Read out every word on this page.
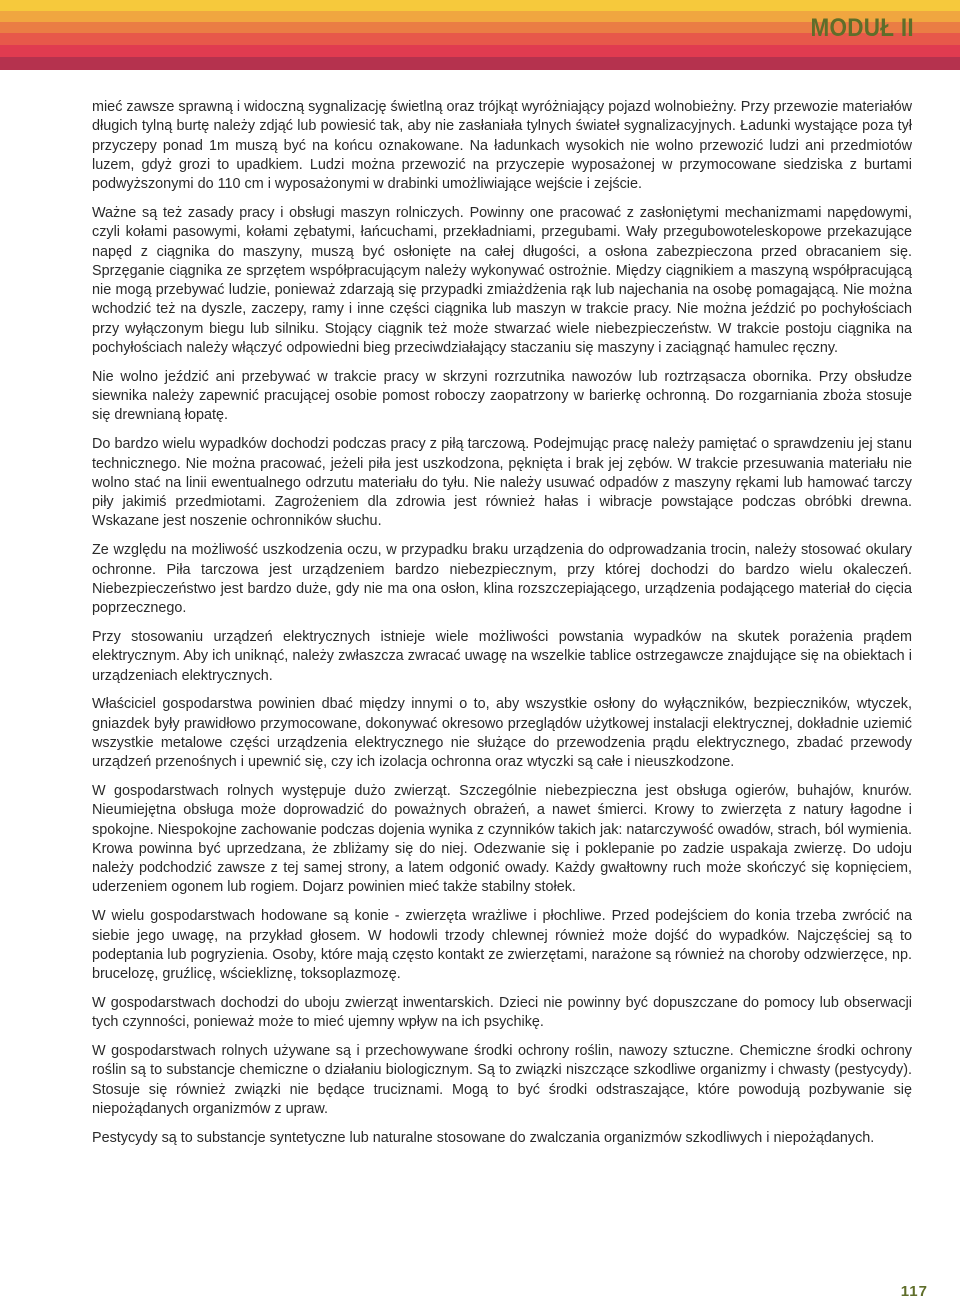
MODUŁ II

mieć zawsze sprawną i widoczną sygnalizację świetlną oraz trójkąt wyróżniający pojazd wolnobieżny. Przy przewozie materiałów długich tylną burtę należy zdjąć lub powiesić tak, aby nie zasłaniała tylnych świateł sygnalizacyjnych. Ładunki wystające poza tył przyczepy ponad 1m muszą być na końcu oznakowane. Na ładunkach wysokich nie wolno przewozić ludzi ani przedmiotów luzem, gdyż grozi to upadkiem. Ludzi można przewozić na przyczepie wyposażonej w przymocowane siedziska z burtami podwyższonymi do 110 cm i wyposażonymi w drabinki umożliwiające wejście i zejście.

Ważne są też zasady pracy i obsługi maszyn rolniczych. Powinny one pracować z zasłoniętymi mechanizmami napędowymi, czyli kołami pasowymi, kołami zębatymi, łańcuchami, przekładniami, przegubami. Wały przegubowoteleskopowe przekazujące napęd z ciągnika do maszyny, muszą być osłonięte na całej długości, a osłona zabezpieczona przed obracaniem się. Sprzęganie ciągnika ze sprzętem współpracującym należy wykonywać ostrożnie. Między ciągnikiem a maszyną współpracującą nie mogą przebywać ludzie, ponieważ zdarzają się przypadki zmiażdżenia rąk lub najechania na osobę pomagającą. Nie można wchodzić też na dyszle, zaczepy, ramy i inne części ciągnika lub maszyn w trakcie pracy. Nie można jeździć po pochyłościach przy wyłączonym biegu lub silniku. Stojący ciągnik też może stwarzać wiele niebezpieczeństw. W trakcie postoju ciągnika na pochyłościach należy włączyć odpowiedni bieg przeciwdziałający staczaniu się maszyny i zaciągnąć hamulec ręczny.

Nie wolno jeździć ani przebywać w trakcie pracy w skrzyni rozrzutnika nawozów lub roztrząsacza obornika. Przy obsłudze siewnika należy zapewnić pracującej osobie pomost roboczy zaopatrzony w barierkę ochronną. Do rozgarniania zboża stosuje się drewnianą łopatę.

Do bardzo wielu wypadków dochodzi podczas pracy z piłą tarczową. Podejmując pracę należy pamiętać o sprawdzeniu jej stanu technicznego. Nie można pracować, jeżeli piła jest uszkodzona, pęknięta i brak jej zębów. W trakcie przesuwania materiału nie wolno stać na linii ewentualnego odrzutu materiału do tyłu. Nie należy usuwać odpadów z maszyny rękami lub hamować tarczy piły jakimiś przedmiotami. Zagrożeniem dla zdrowia jest również hałas i wibracje powstające podczas obróbki drewna. Wskazane jest noszenie ochronników słuchu.

Ze względu na możliwość uszkodzenia oczu, w przypadku braku urządzenia do odprowadzania trocin, należy stosować okulary ochronne. Piła tarczowa jest urządzeniem bardzo niebezpiecznym, przy której dochodzi do bardzo wielu okaleczeń. Niebezpieczeństwo jest bardzo duże, gdy nie ma ona osłon, klina rozszczepiającego, urządzenia podającego materiał do cięcia poprzecznego.

Przy stosowaniu urządzeń elektrycznych istnieje wiele możliwości powstania wypadków na skutek porażenia prądem elektrycznym. Aby ich uniknąć, należy zwłaszcza zwracać uwagę na wszelkie tablice ostrzegawcze znajdujące się na obiektach i urządzeniach elektrycznych.

Właściciel gospodarstwa powinien dbać między innymi o to, aby wszystkie osłony do wyłączników, bezpieczników, wtyczek, gniazdek były prawidłowo przymocowane, dokonywać okresowo przeglądów użytkowej instalacji elektrycznej, dokładnie uziemić wszystkie metalowe części urządzenia elektrycznego nie służące do przewodzenia prądu elektrycznego, zbadać przewody urządzeń przenośnych i upewnić się, czy ich izolacja ochronna oraz wtyczki są całe i nieuszkodzone.

W gospodarstwach rolnych występuje dużo zwierząt. Szczególnie niebezpieczna jest obsługa ogierów, buhajów, knurów. Nieumiejętna obsługa może doprowadzić do poważnych obrażeń, a nawet śmierci. Krowy to zwierzęta z natury łagodne i spokojne. Niespokojne zachowanie podczas dojenia wynika z czynników takich jak: natarczywość owadów, strach, ból wymienia. Krowa powinna być uprzedzana, że zbliżamy się do niej. Odezwanie się i poklepanie po zadzie uspakaja zwierzę. Do udoju należy podchodzić zawsze z tej samej strony, a latem odgonić owady. Każdy gwałtowny ruch może skończyć się kopnięciem, uderzeniem ogonem lub rogiem. Dojarz powinien mieć także stabilny stołek.

W wielu gospodarstwach hodowane są konie - zwierzęta wrażliwe i płochliwe. Przed podejściem do konia trzeba zwrócić na siebie jego uwagę, na przykład głosem. W hodowli trzody chlewnej również może dojść do wypadków. Najczęściej są to podeptania lub pogryzienia. Osoby, które mają często kontakt ze zwierzętami, narażone są również na choroby odzwierzęce, np. brucelozę, gruźlicę, wściekliznę, toksoplazmozę.

W gospodarstwach dochodzi do uboju zwierząt inwentarskich. Dzieci nie powinny być dopuszczane do pomocy lub obserwacji tych czynności, ponieważ może to mieć ujemny wpływ na ich psychikę.

W gospodarstwach rolnych używane są i przechowywane środki ochrony roślin, nawozy sztuczne. Chemiczne środki ochrony roślin są to substancje chemiczne o działaniu biologicznym. Są to związki niszczące szkodliwe organizmy i chwasty (pestycydy). Stosuje się również związki nie będące truciznami. Mogą to być środki odstraszające, które powodują pozbywanie się niepożądanych organizmów z upraw.

Pestycydy są to substancje syntetyczne lub naturalne stosowane do zwalczania organizmów szkodliwych i niepożądanych.

117
